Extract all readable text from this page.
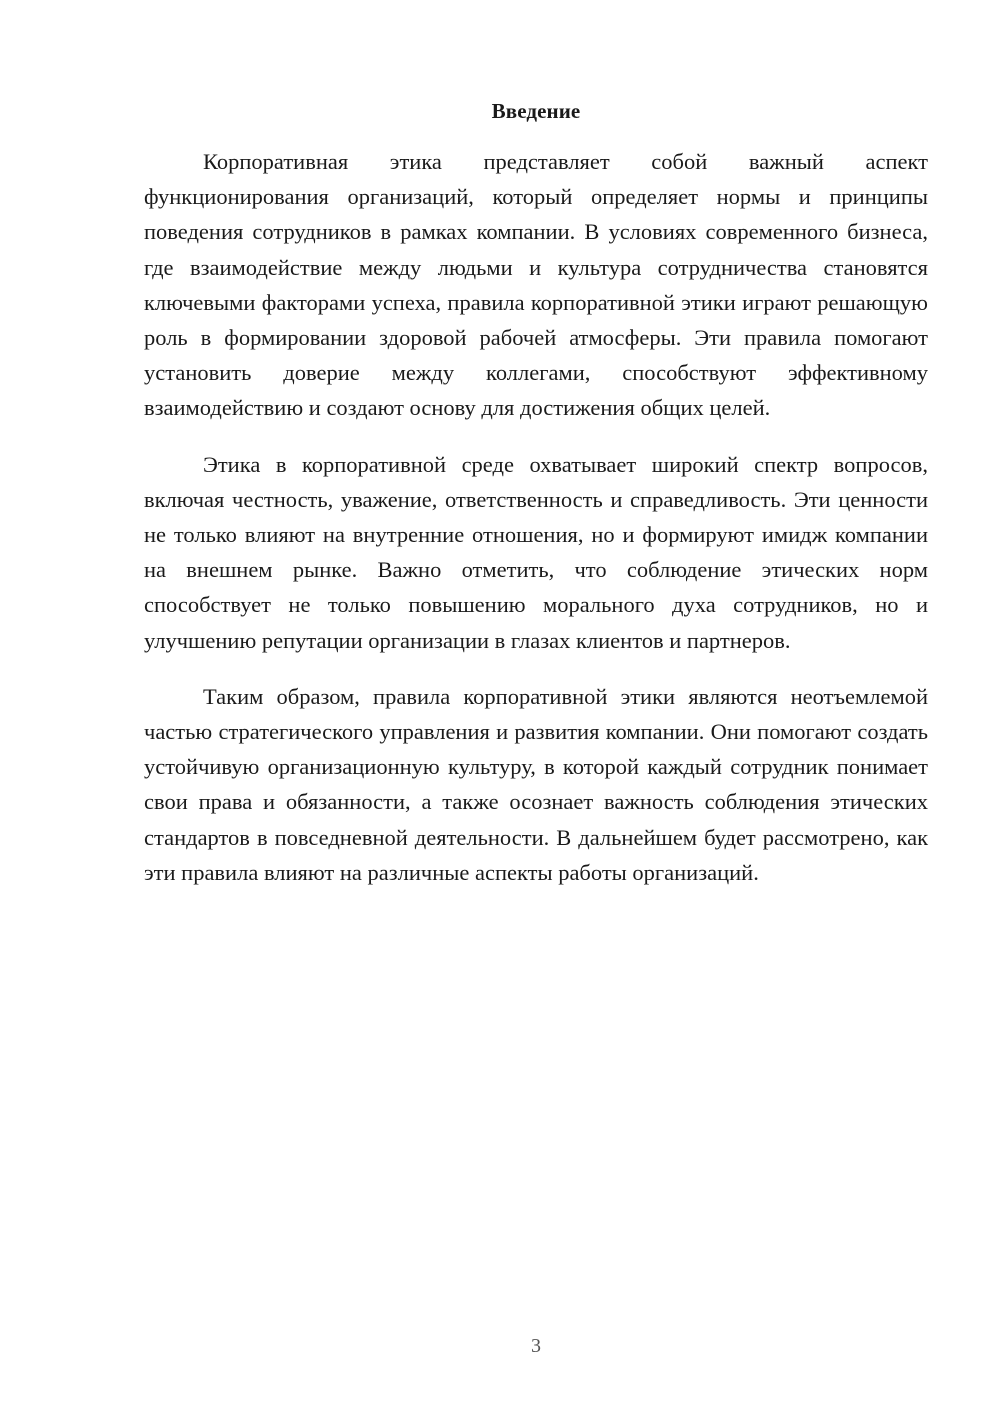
Введение

Корпоративная этика представляет собой важный аспект функционирования организаций, который определяет нормы и принципы поведения сотрудников в рамках компании. В условиях современного бизнеса, где взаимодействие между людьми и культура сотрудничества становятся ключевыми факторами успеха, правила корпоративной этики играют решающую роль в формировании здоровой рабочей атмосферы. Эти правила помогают установить доверие между коллегами, способствуют эффективному взаимодействию и создают основу для достижения общих целей.

Этика в корпоративной среде охватывает широкий спектр вопросов, включая честность, уважение, ответственность и справедливость. Эти ценности не только влияют на внутренние отношения, но и формируют имидж компании на внешнем рынке. Важно отметить, что соблюдение этических норм способствует не только повышению морального духа сотрудников, но и улучшению репутации организации в глазах клиентов и партнеров.

Таким образом, правила корпоративной этики являются неотъемлемой частью стратегического управления и развития компании. Они помогают создать устойчивую организационную культуру, в которой каждый сотрудник понимает свои права и обязанности, а также осознает важность соблюдения этических стандартов в повседневной деятельности. В дальнейшем будет рассмотрено, как эти правила влияют на различные аспекты работы организаций.

3
